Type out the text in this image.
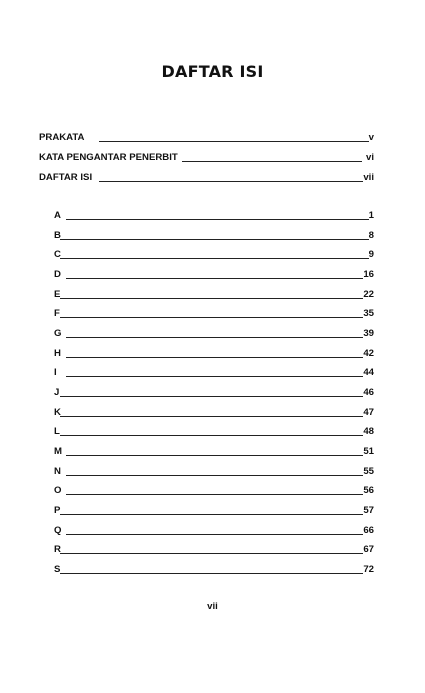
DAFTAR ISI
PRAKATA	v
KATA PENGANTAR PENERBIT	vi
DAFTAR ISI	vii
A	1
B	8
C	9
D	16
E	22
F	35
G	39
H	42
I	44
J	46
K	47
L	48
M	51
N	55
O	56
P	57
Q	66
R	67
S	72
vii
